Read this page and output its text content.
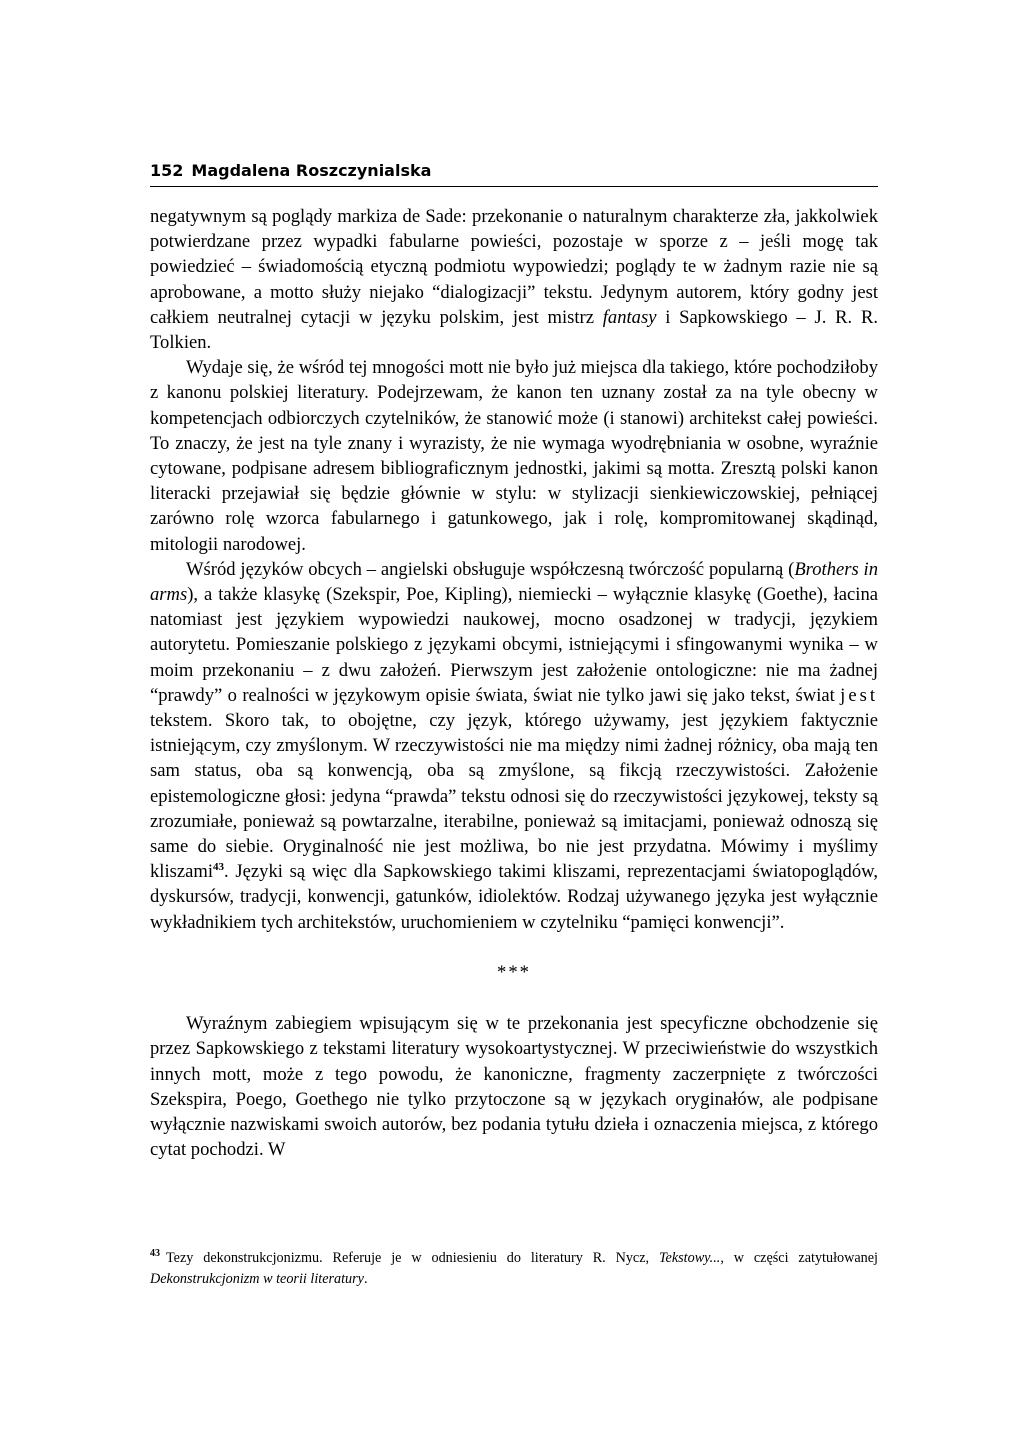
152 Magdalena Roszczynialska

negatywnym są poglądy markiza de Sade: przekonanie o naturalnym charakterze zła, jakkolwiek potwierdzane przez wypadki fabularne powieści, pozostaje w sporze z – jeśli mogę tak powiedzieć – świadomością etyczną podmiotu wypowiedzi; poglądy te w żadnym razie nie są aprobowane, a motto służy niejako “dialogizacji” tekstu. Jedynym autorem, który godny jest całkiem neutralnej cytacji w języku polskim, jest mistrz fantasy i Sapkowskiego – J. R. R. Tolkien.

Wydaje się, że wśród tej mnogości mott nie było już miejsca dla takiego, które pochodziłoby z kanonu polskiej literatury. Podejrzewam, że kanon ten uznany został za na tyle obecny w kompetencjach odbiorczych czytelników, że stanowić może (i stanowi) architekst całej powieści. To znaczy, że jest na tyle znany i wyrazisty, że nie wymaga wyodrębniania w osobne, wyraźnie cytowane, podpisane adresem bibliograficznym jednostki, jakimi są motta. Zresztą polski kanon literacki przejawiał się będzie głównie w stylu: w stylizacji sienkiewiczowskiej, pełniącej zarówno rolę wzorca fabularnego i gatunkowego, jak i rolę, kompromitowanej skądinąd, mitologii narodowej.

Wśród języków obcych – angielski obsługuje współczesną twórczość popularną (Brothers in arms), a także klasykę (Szekspir, Poe, Kipling), niemiecki – wyłącznie klasykę (Goethe), łacina natomiast jest językiem wypowiedzi naukowej, mocno osadzonej w tradycji, językiem autorytetu. Pomieszanie polskiego z językami obcymi, istniejącymi i sfingowanymi wynika – w moim przekonaniu – z dwu założeń. Pierwszym jest założenie ontologiczne: nie ma żadnej “prawdy” o realności w językowym opisie świata, świat nie tylko jawi się jako tekst, świat jest tekstem. Skoro tak, to obojętne, czy język, którego używamy, jest językiem faktycznie istniejącym, czy zmyślonym. W rzeczywistości nie ma między nimi żadnej różnicy, oba mają ten sam status, oba są konwencją, oba są zmyślone, są fikcją rzeczywistości. Założenie epistemologiczne głosi: jedyna “prawda” tekstu odnosi się do rzeczywistości językowej, teksty są zrozumiałe, ponieważ są powtarzalne, iterabilne, ponieważ są imitacjami, ponieważ odnoszą się same do siebie. Oryginalność nie jest możliwa, bo nie jest przydatna. Mówimy i myślimy kliszami$^{43}$. Języki są więc dla Sapkowskiego takimi kliszami, reprezentacjami światopoglądów, dyskursów, tradycji, konwencji, gatunków, idiolektów. Rodzaj używanego języka jest wyłącznie wykładnikiem tych architekstów, uruchomieniem w czytelniku “pamięci konwencji”.

***

Wyraźnym zabiegiem wpisującym się w te przekonania jest specyficzne obchodzenie się przez Sapkowskiego z tekstami literatury wysokoartystycznej. W przeciwieństwie do wszystkich innych mott, może z tego powodu, że kanoniczne, fragmenty zaczerpnięte z twórczości Szekspira, Poego, Goethego nie tylko przytoczone są w językach oryginałów, ale podpisane wyłącznie nazwiskami swoich autorów, bez podania tytułu dzieła i oznaczenia miejsca, z którego cytat pochodzi. W

$^{43}$ Tezy dekonstrukcjonizmu. Referuje je w odniesieniu do literatury R. Nycz, Tekstowy..., w części zatytułowanej Dekonstrukcjonizm w teorii literatury.
